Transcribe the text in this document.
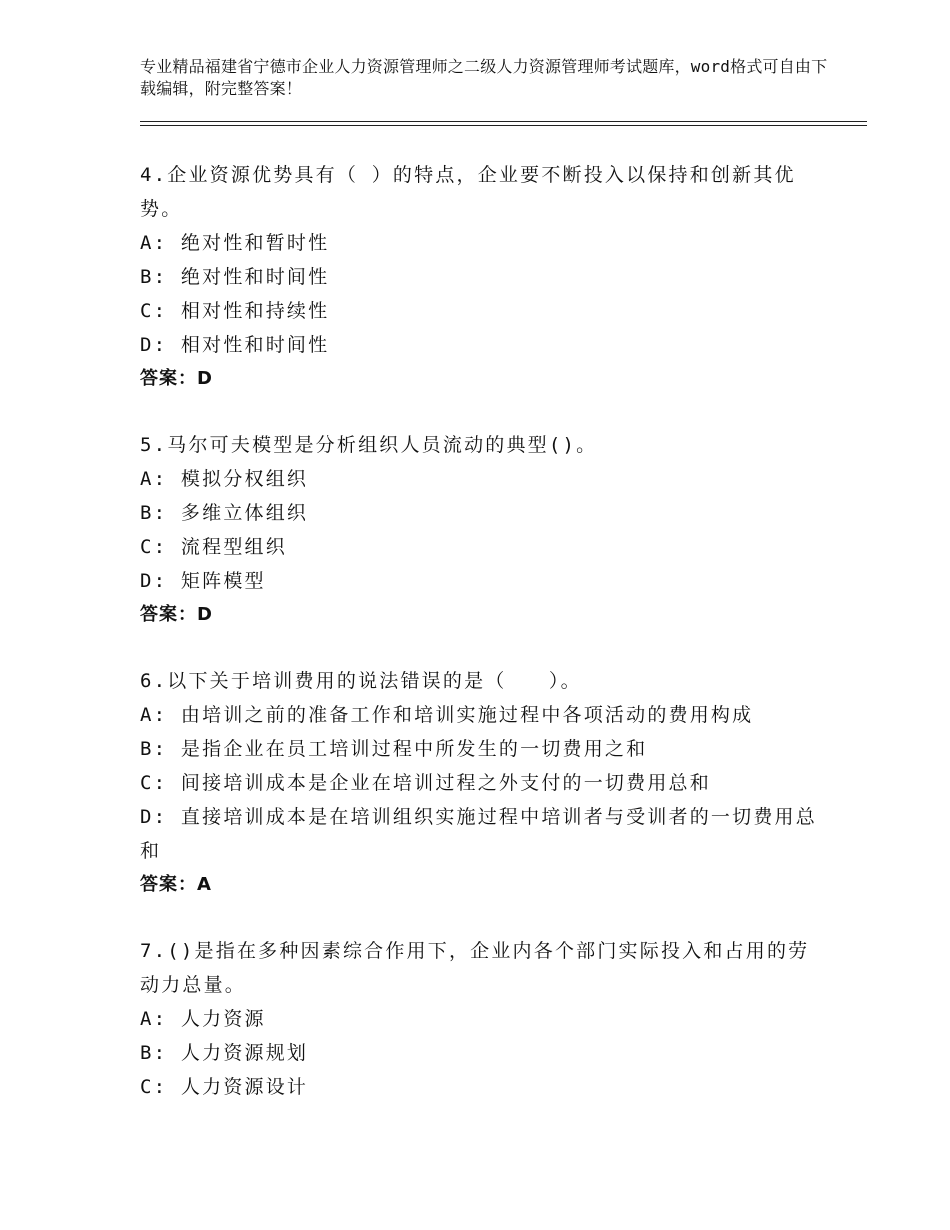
专业精品福建省宁德市企业人力资源管理师之二级人力资源管理师考试题库，word格式可自由下载编辑，附完整答案！
4.企业资源优势具有（ ）的特点，企业要不断投入以保持和创新其优势。
A: 绝对性和暂时性
B: 绝对性和时间性
C: 相对性和持续性
D: 相对性和时间性
答案：D
5.马尔可夫模型是分析组织人员流动的典型()。
A: 模拟分权组织
B: 多维立体组织
C: 流程型组织
D: 矩阵模型
答案：D
6.以下关于培训费用的说法错误的是（　　）。
A: 由培训之前的准备工作和培训实施过程中各项活动的费用构成
B: 是指企业在员工培训过程中所发生的一切费用之和
C: 间接培训成本是企业在培训过程之外支付的一切费用总和
D: 直接培训成本是在培训组织实施过程中培训者与受训者的一切费用总和
答案：A
7.()是指在多种因素综合作用下，企业内各个部门实际投入和占用的劳动力总量。
A: 人力资源
B: 人力资源规划
C: 人力资源设计
